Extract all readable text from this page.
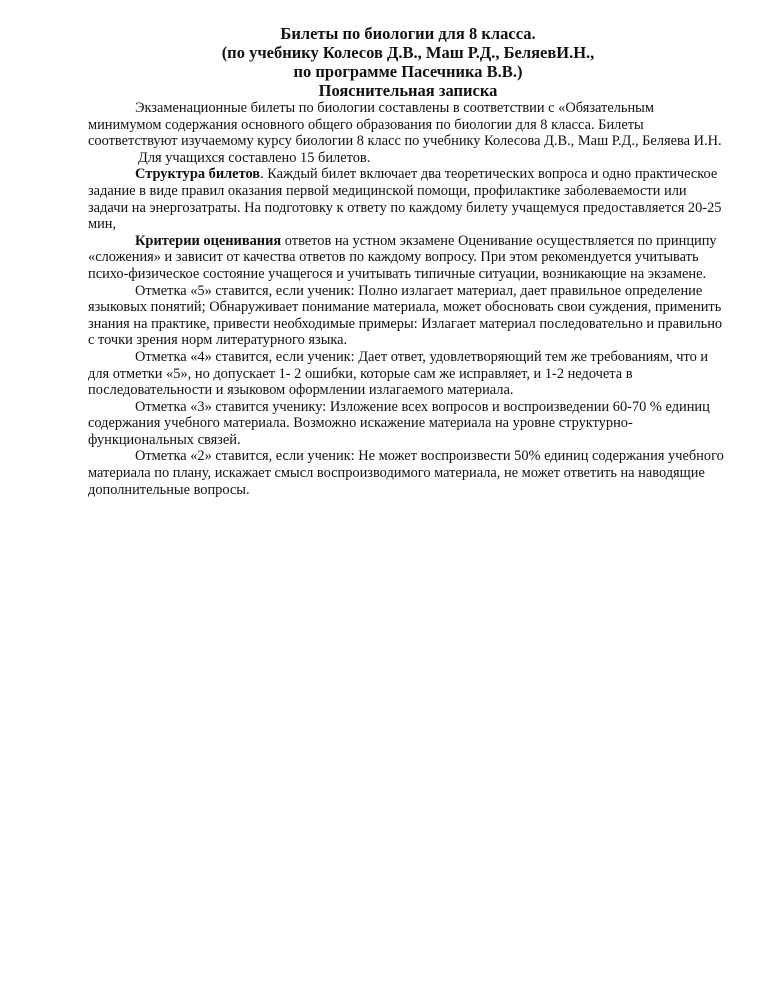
Билеты по биологии для 8 класса.
(по учебнику Колесов Д.В., Маш Р.Д., БеляевИ.Н.,
по программе Пасечника В.В.)
Пояснительная записка

Экзаменационные билеты по биологии составлены в соответствии с «Обязательным минимумом содержания основного общего образования по биологии для 8 класса. Билеты соответствуют изучаемому курсу биологии 8 класс по учебнику Колесова Д.В., Маш Р.Д., Беляева И.Н.

Для учащихся составлено 15 билетов.

Структура билетов. Каждый билет включает два теоретических вопроса и одно практическое задание в виде правил оказания первой медицинской помощи, профилактике заболеваемости или задачи на энергозатраты. На подготовку к ответу по каждому билету учащемуся предоставляется 20-25 мин,

Критерии оценивания ответов на устном экзамене Оценивание осуществляется по принципу «сложения» и зависит от качества ответов по каждому вопросу. При этом рекомендуется учитывать психо-физическое состояние учащегося и учитывать типичные ситуации, возникающие на экзамене.

Отметка «5» ставится, если ученик: Полно излагает материал, дает правильное определение языковых понятий; Обнаруживает понимание материала, может обосновать свои суждения, применить знания на практике, привести необходимые примеры: Излагает материал последовательно и правильно с точки зрения норм литературного языка.

Отметка «4» ставится, если ученик: Дает ответ, удовлетворяющий тем же требованиям, что и для отметки «5», но допускает 1- 2 ошибки, которые сам же исправляет, и 1-2 недочета в последовательности и языковом оформлении излагаемого материала.

Отметка «3» ставится ученику: Изложение всех вопросов и воспроизведении 60-70 % единиц содержания учебного материала. Возможно искажение материала на уровне структурно-функциональных связей.

Отметка «2» ставится, если ученик: Не может воспроизвести 50% единиц содержания учебного материала по плану, искажает смысл воспроизводимого материала, не может ответить на наводящие дополнительные вопросы.
